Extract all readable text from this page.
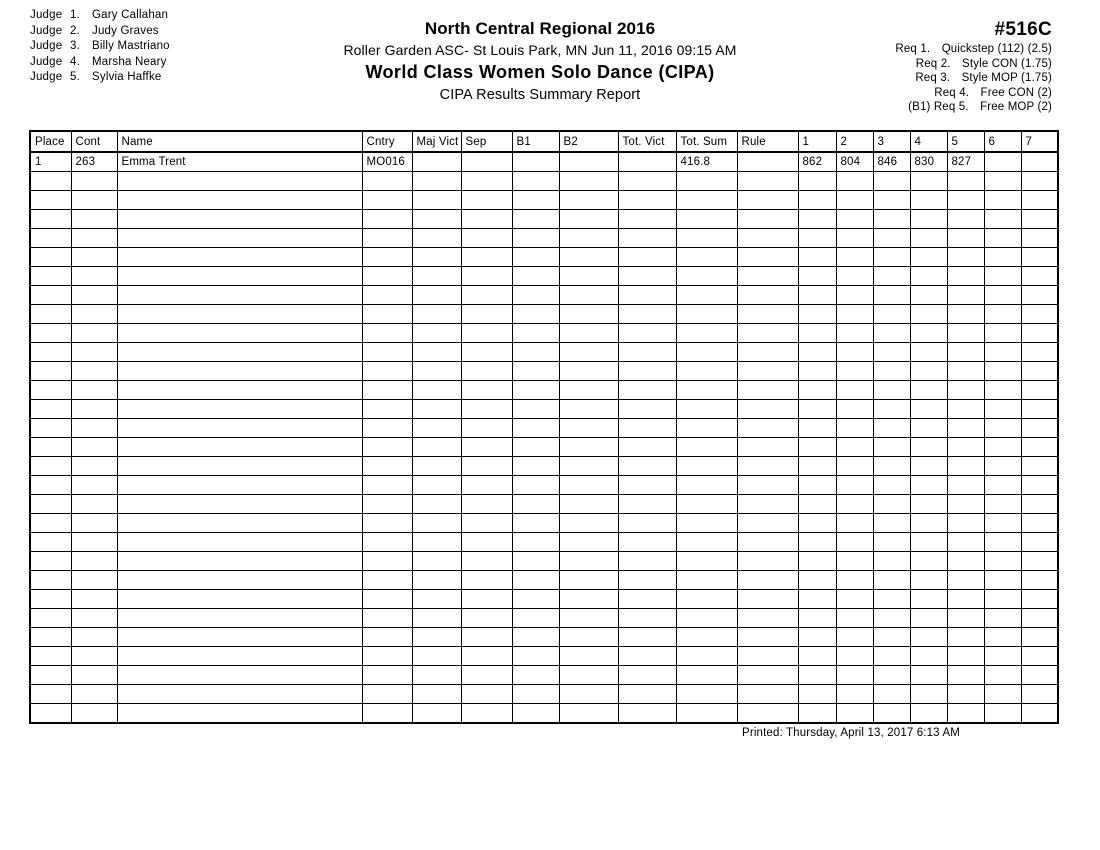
Judge 1. Gary Callahan
Judge 2. Judy Graves
Judge 3. Billy Mastriano
Judge 4. Marsha Neary
Judge 5. Sylvia Haffke
North Central Regional 2016
Roller Garden ASC- St Louis Park, MN Jun 11, 2016 09:15 AM
World Class Women Solo Dance (CIPA)
CIPA Results Summary Report
#516C
Req 1. Quickstep (112) (2.5)
Req 2. Style CON (1.75)
Req 3. Style MOP (1.75)
Req 4. Free CON (2)
(B1) Req 5. Free MOP (2)
Place	Cont	Name	Cntry	Maj Vict	Sep	B1	B2	Tot. Vict	Tot. Sum	Rule	1	2	3	4	5	6	7
1	263	Emma Trent	MO016						416.8		862	804	846	830	827		

Printed: Thursday, April 13, 2017 6:13 AM
